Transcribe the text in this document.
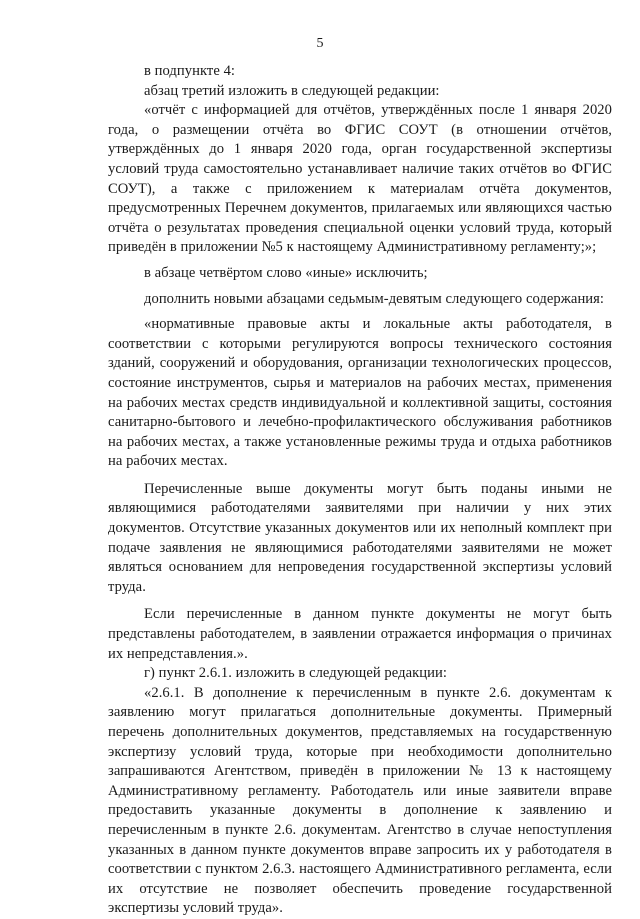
5

в подпункте 4:

абзац третий изложить в следующей редакции:

«отчёт с информацией для отчётов, утверждённых после 1 января 2020 года, о размещении отчёта во ФГИС СОУТ (в отношении отчётов, утверждённых до 1 января 2020 года, орган государственной экспертизы условий труда самостоятельно устанавливает наличие таких отчётов во ФГИС СОУТ), а также с приложением к материалам отчёта документов, предусмотренных Перечнем документов, прилагаемых или являющихся частью отчёта о результатах проведения специальной оценки условий труда, который приведён в приложении №5 к настоящему Административному регламенту;»;

в абзаце четвёртом слово «иные» исключить;

дополнить новыми абзацами седьмым-девятым следующего содержания:

«нормативные правовые акты и локальные акты работодателя, в соответствии с которыми регулируются вопросы технического состояния зданий, сооружений и оборудования, организации технологических процессов, состояние инструментов, сырья и материалов на рабочих местах, применения на рабочих местах средств индивидуальной и коллективной защиты, состояния санитарно-бытового и лечебно-профилактического обслуживания работников на рабочих местах, а также установленные режимы труда и отдыха работников на рабочих местах.

Перечисленные выше документы могут быть поданы иными не являющимися работодателями заявителями при наличии у них этих документов. Отсутствие указанных документов или их неполный комплект при подаче заявления не являющимися работодателями заявителями не может являться основанием для непроведения государственной экспертизы условий труда.

Если перечисленные в данном пункте документы не могут быть представлены работодателем, в заявлении отражается информация о причинах их непредставления.».

г) пункт 2.6.1. изложить в следующей редакции:

«2.6.1. В дополнение к перечисленным в пункте 2.6. документам к заявлению могут прилагаться дополнительные документы. Примерный перечень дополнительных документов, представляемых на государственную экспертизу условий труда, которые при необходимости дополнительно запрашиваются Агентством, приведён в приложении № 13 к настоящему Административному регламенту. Работодатель или иные заявители вправе предоставить указанные документы в дополнение к заявлению и перечисленным в пункте 2.6. документам. Агентство в случае непоступления указанных в данном пункте документов вправе запросить их у работодателя в соответствии с пунктом 2.6.3. настоящего Административного регламента, если их отсутствие не позволяет обеспечить проведение государственной экспертизы условий труда».
